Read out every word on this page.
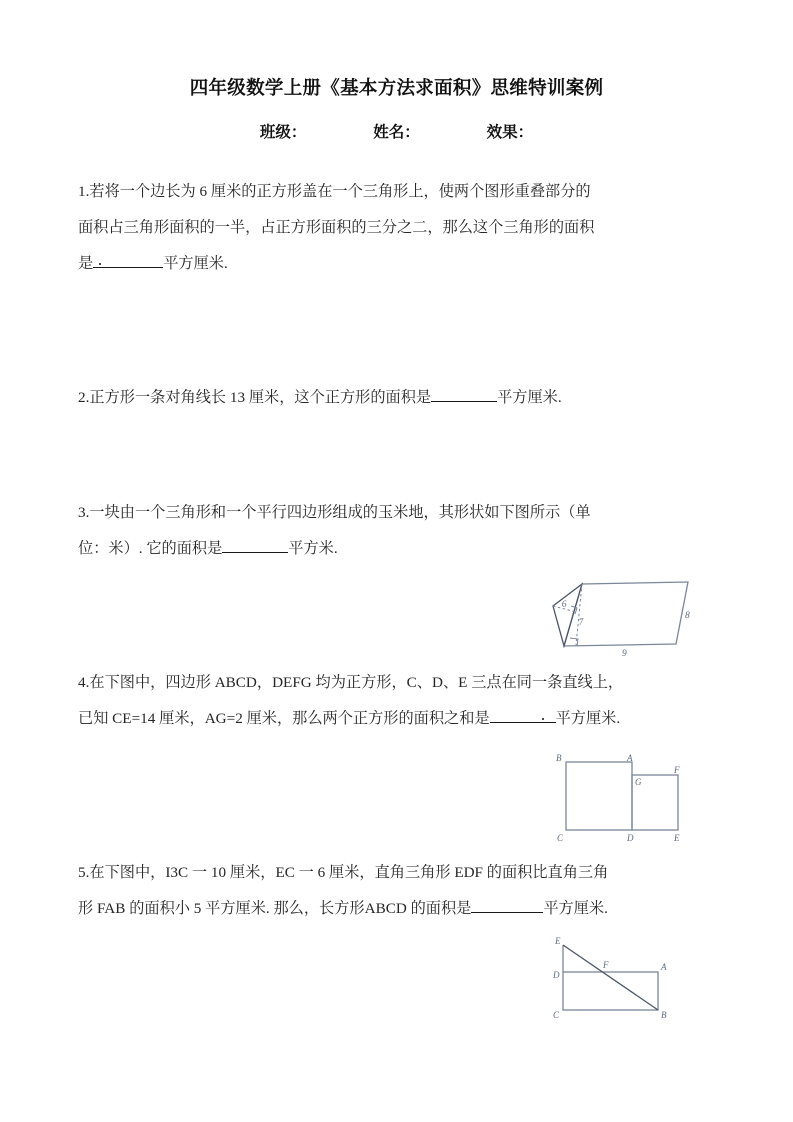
四年级数学上册《基本方法求面积》思维特训案例
班级：	姓名：	效果：
1.若将一个边长为 6 厘米的正方形盖在一个三角形上，使两个图形重叠部分的
面积占三角形面积的一半，占正方形面积的三分之二，那么这个三角形的面积
是	平方厘米.
2.正方形一条对角线长 13 厘米，这个正方形的面积是	平方厘米.
3.一块由一个三角形和一个平行四边形组成的玉米地，其形状如下图所示（单
位：米）. 它的面积是	平方米.
6
7
9
8
4.在下图中，四边形 ABCD，DEFG 均为正方形，C、D、E 三点在同一条直线上，
已知 CE=14 厘米，AG=2 厘米，那么两个正方形的面积之和是	平方厘米.
B	A
F
G
C	D	E
5.在下图中，I3C 一 10 厘米，EC 一 6 厘米，直角三角形 EDF 的面积比直角三角
形 FAB 的面积小 5 平方厘米. 那么，长方形ABCD 的面积是	平方厘米.
E
F	A
D
C	B
